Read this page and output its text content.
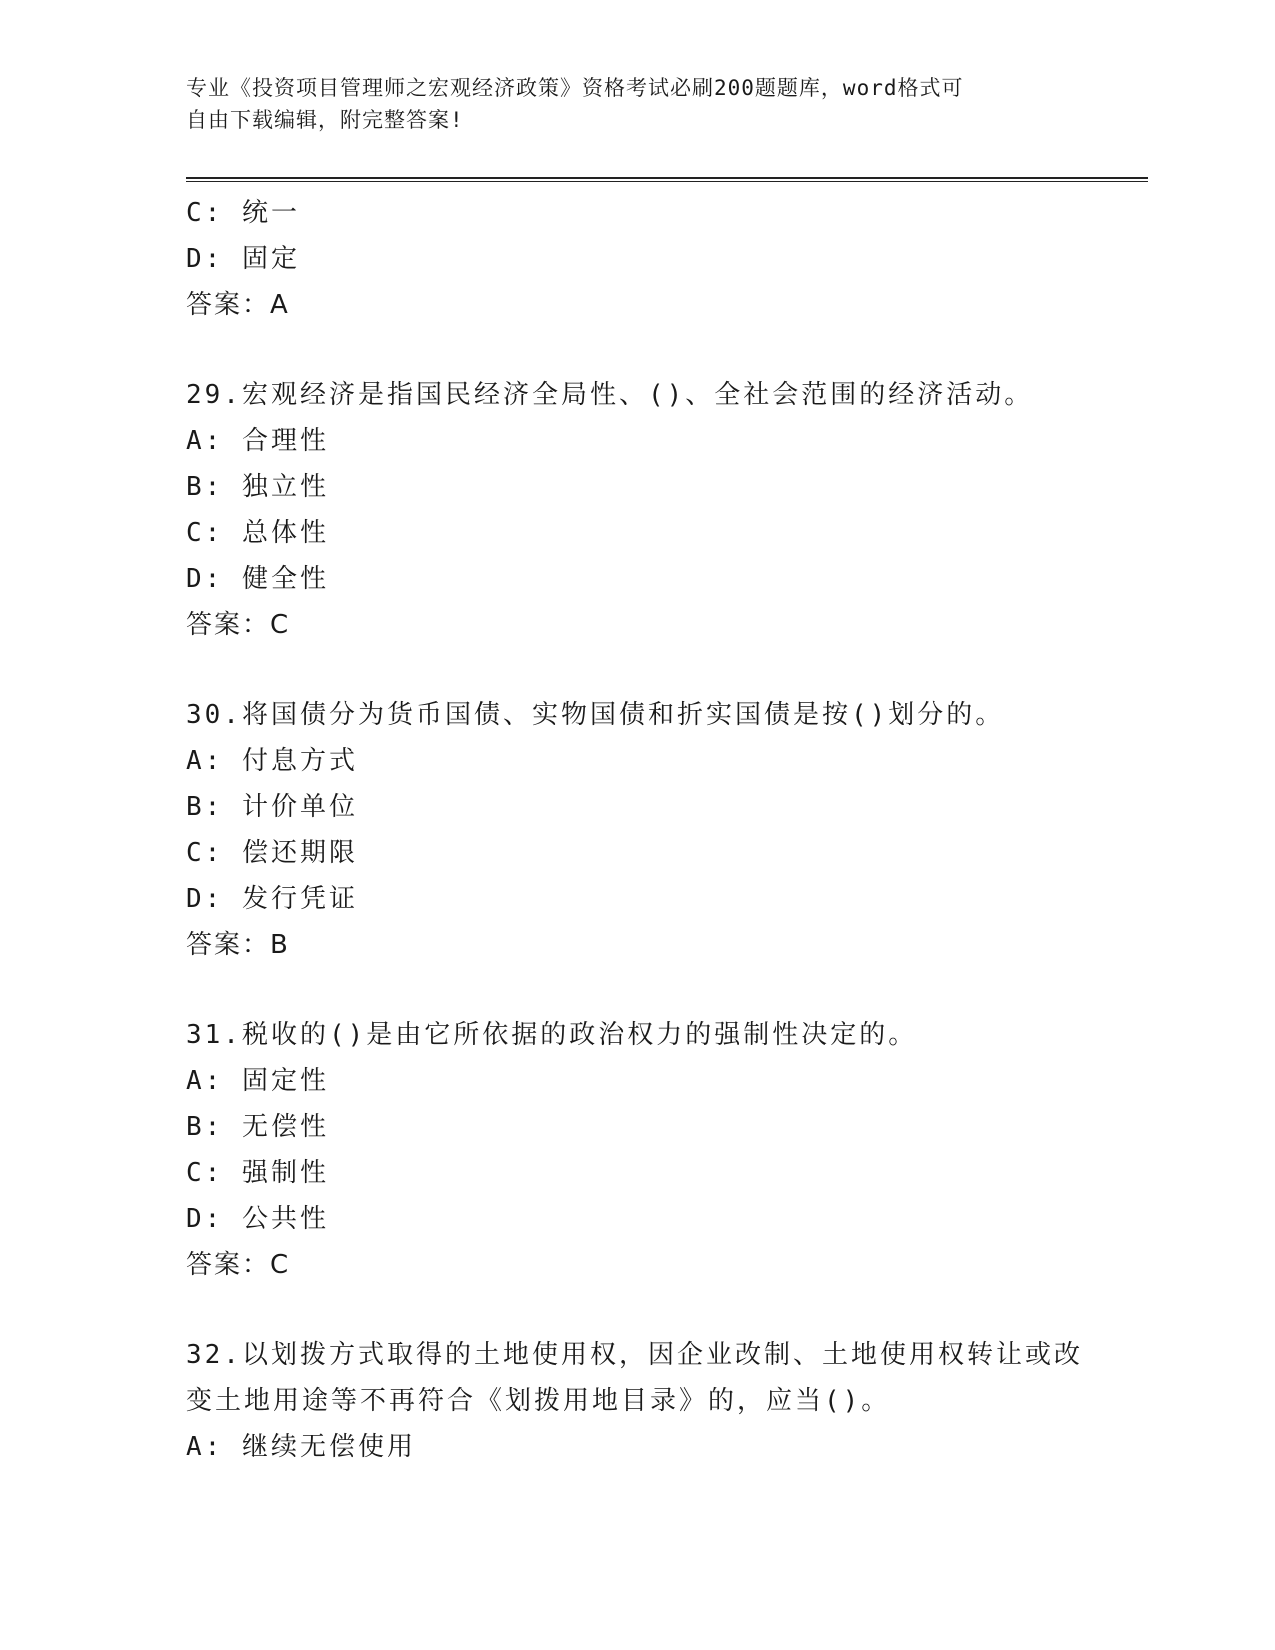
专业《投资项目管理师之宏观经济政策》资格考试必刷200题题库，word格式可
自由下载编辑，附完整答案!
C: 统一
D: 固定
答案：A
29.宏观经济是指国民经济全局性、()、全社会范围的经济活动。
A: 合理性
B: 独立性
C: 总体性
D: 健全性
答案：C
30.将国债分为货币国债、实物国债和折实国债是按()划分的。
A: 付息方式
B: 计价单位
C: 偿还期限
D: 发行凭证
答案：B
31.税收的()是由它所依据的政治权力的强制性决定的。
A: 固定性
B: 无偿性
C: 强制性
D: 公共性
答案：C
32.以划拨方式取得的土地使用权，因企业改制、土地使用权转让或改
变土地用途等不再符合《划拨用地目录》的，应当()。
A: 继续无偿使用
